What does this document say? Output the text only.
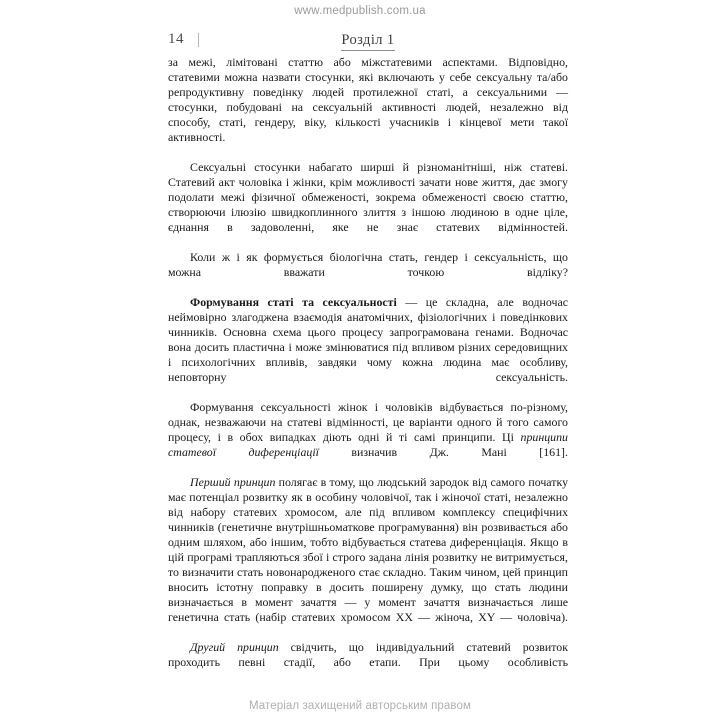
www.medpublish.com.ua
14	Розділ 1

за межі, лімітовані статтю або міжстатевими аспектами. Відповідно, статевими можна назвати стосунки, які включають у себе сексуальну та/або репродуктивну поведінку людей протилежної статі, а сексуальними — стосунки, побудовані на сексуальній активності людей, незалежно від способу, статі, гендеру, віку, кількості учасників і кінцевої мети такої активності.

Сексуальні стосунки набагато ширші й різноманітніші, ніж статеві. Статевий акт чоловіка і жінки, крім можливості зачати нове життя, дає змогу подолати межі фізичної обмеженості, зокрема обмеженості своєю статтю, створюючи ілюзію швидкоплинного злиття з іншою людиною в одне ціле, єднання в задоволенні, яке не знає статевих відмінностей.

Коли ж і як формується біологічна стать, гендер і сексуальність, що можна вважати точкою відліку?

Формування статі та сексуальності — це складна, але водночас неймовірно злагоджена взаємодія анатомічних, фізіологічних і поведінкових чинників. Основна схема цього процесу запрограмована генами. Водночас вона досить пластична і може змінюватися під впливом різних середовищних і психологічних впливів, завдяки чому кожна людина має особливу, неповторну сексуальність.

Формування сексуальності жінок і чоловіків відбувається по-різному, однак, незважаючи на статеві відмінності, це варіанти одного й того самого процесу, і в обох випадках діють одні й ті самі принципи. Ці принципи статевої диференціації визначив Дж. Мані [161].

Перший принцип полягає в тому, що людський зародок від самого початку має потенціал розвитку як в особину чоловічої, так і жіночої статі, незалежно від набору статевих хромосом, але під впливом комплексу специфічних чинників (генетичне внутрішньоматкове програмування) він розвивається або одним шляхом, або іншим, тобто відбувається статева диференціація. Якщо в цій програмі трапляються збої і строго задана лінія розвитку не витримується, то визначити стать новонародженого стає складно. Таким чином, цей принцип вносить істотну поправку в досить поширену думку, що стать людини визначається в момент зачаття — у момент зачаття визначається лише генетична стать (набір статевих хромосом XX — жіноча, XY — чоловіча).

Другий принцип свідчить, що індивідуальний статевий розвиток проходить певні стадії, або етапи. При цьому особливість

Матеріал захищений авторським правом
